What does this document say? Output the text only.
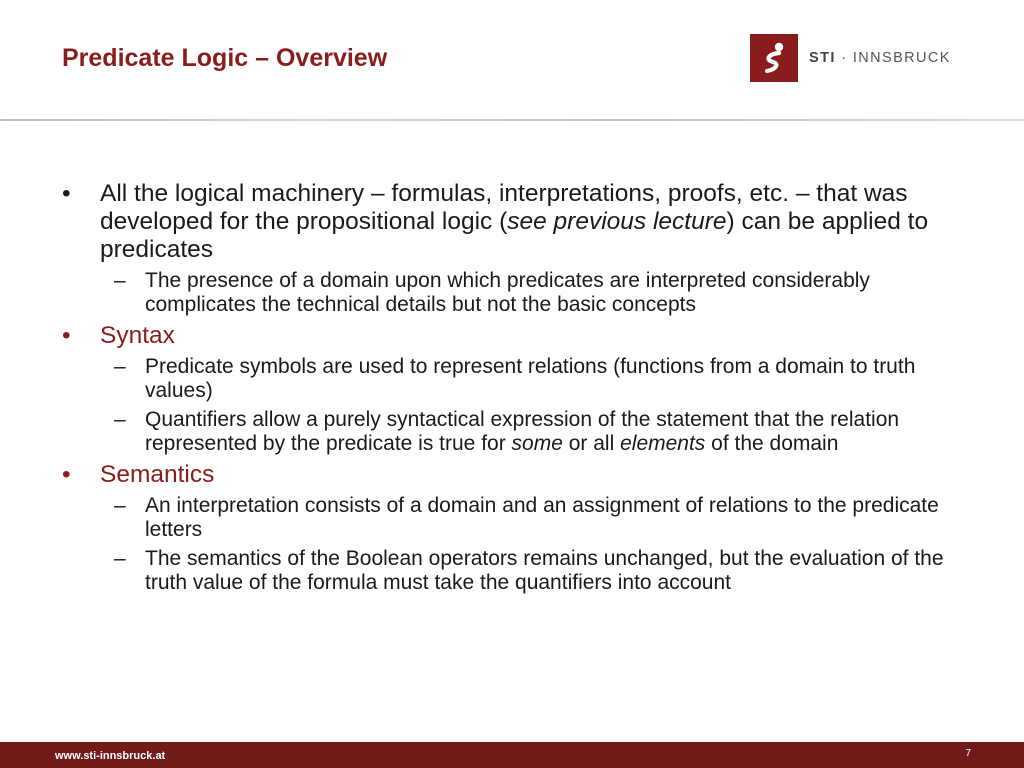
Predicate Logic – Overview	STI · INNSBRUCK
• All the logical machinery – formulas, interpretations, proofs, etc. – that was developed for the propositional logic (see previous lecture) can be applied to predicates
– The presence of a domain upon which predicates are interpreted considerably complicates the technical details but not the basic concepts
• Syntax
– Predicate symbols are used to represent relations (functions from a domain to truth values)
– Quantifiers allow a purely syntactical expression of the statement that the relation represented by the predicate is true for some or all elements of the domain
• Semantics
– An interpretation consists of a domain and an assignment of relations to the predicate letters
– The semantics of the Boolean operators remains unchanged, but the evaluation of the truth value of the formula must take the quantifiers into account
www.sti-innsbruck.at	7
